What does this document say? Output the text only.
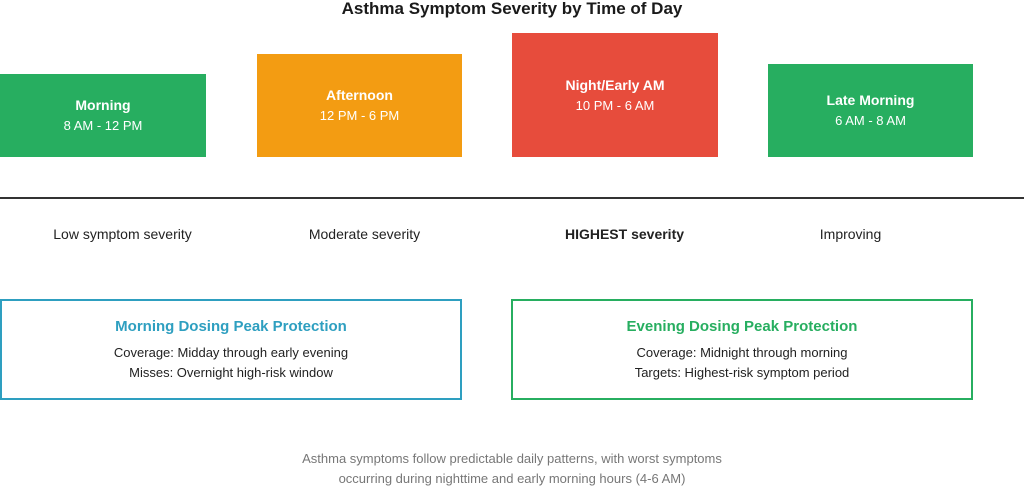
Asthma Symptom Severity by Time of Day
Morning
8 AM - 12 PM
Afternoon
12 PM - 6 PM
Night/Early AM
10 PM - 6 AM	Late Morning
6 AM - 8 AM
Low symptom severity	Moderate severity	HIGHEST severity	Improving
Morning Dosing Peak Protection
Coverage: Midday through early evening
Misses: Overnight high-risk window
Evening Dosing Peak Protection
Coverage: Midnight through morning
Targets: Highest-risk symptom period
Asthma symptoms follow predictable daily patterns, with worst symptoms
occurring during nighttime and early morning hours (4-6 AM)
